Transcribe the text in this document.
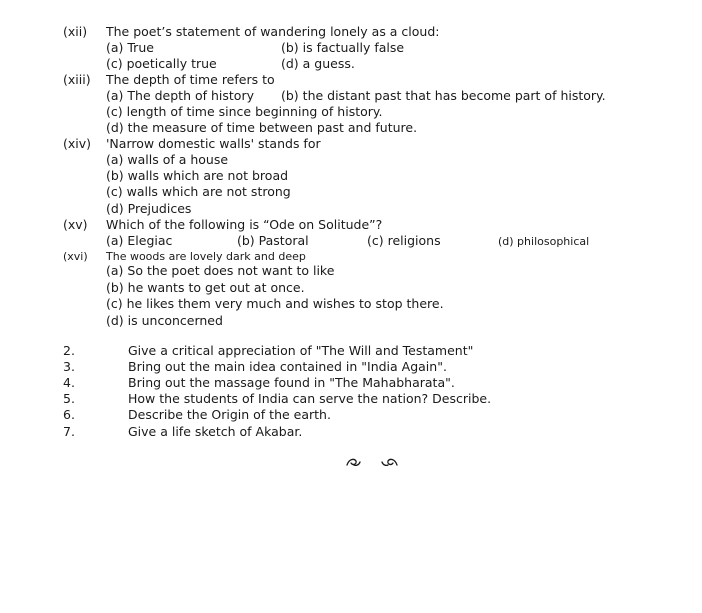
(xii) The poet’s statement of wandering lonely as a cloud:
(a) True	(b) is factually false
(c) poetically true	(d) a guess.
(xiii) The depth of time refers to
(a) The depth of history (b) the distant past that has become part of history.
(c) length of time since beginning of history.
(d) the measure of time between past and future.
(xiv) 'Narrow domestic walls' stands for
(a) walls of a house
(b) walls which are not broad
(c) walls which are not strong
(d) Prejudices
(xv) Which of the following is “Ode on Solitude”?
(a) Elegiac	(b) Pastoral	(c) religions	(d) philosophical
(xvi) The woods are lovely dark and deep
(a) So the poet does not want to like
(b) he wants to get out at once.
(c) he likes them very much and wishes to stop there.
(d) is unconcerned
2.	Give a critical appreciation of "The Will and Testament"
3.	Bring out the main idea contained in "India Again".
4.	Bring out the massage found in "The Mahabharata".
5.	How the students of India can serve the nation? Describe.
6.	Describe the Origin of the earth.
7.	Give a life sketch of Akabar.
